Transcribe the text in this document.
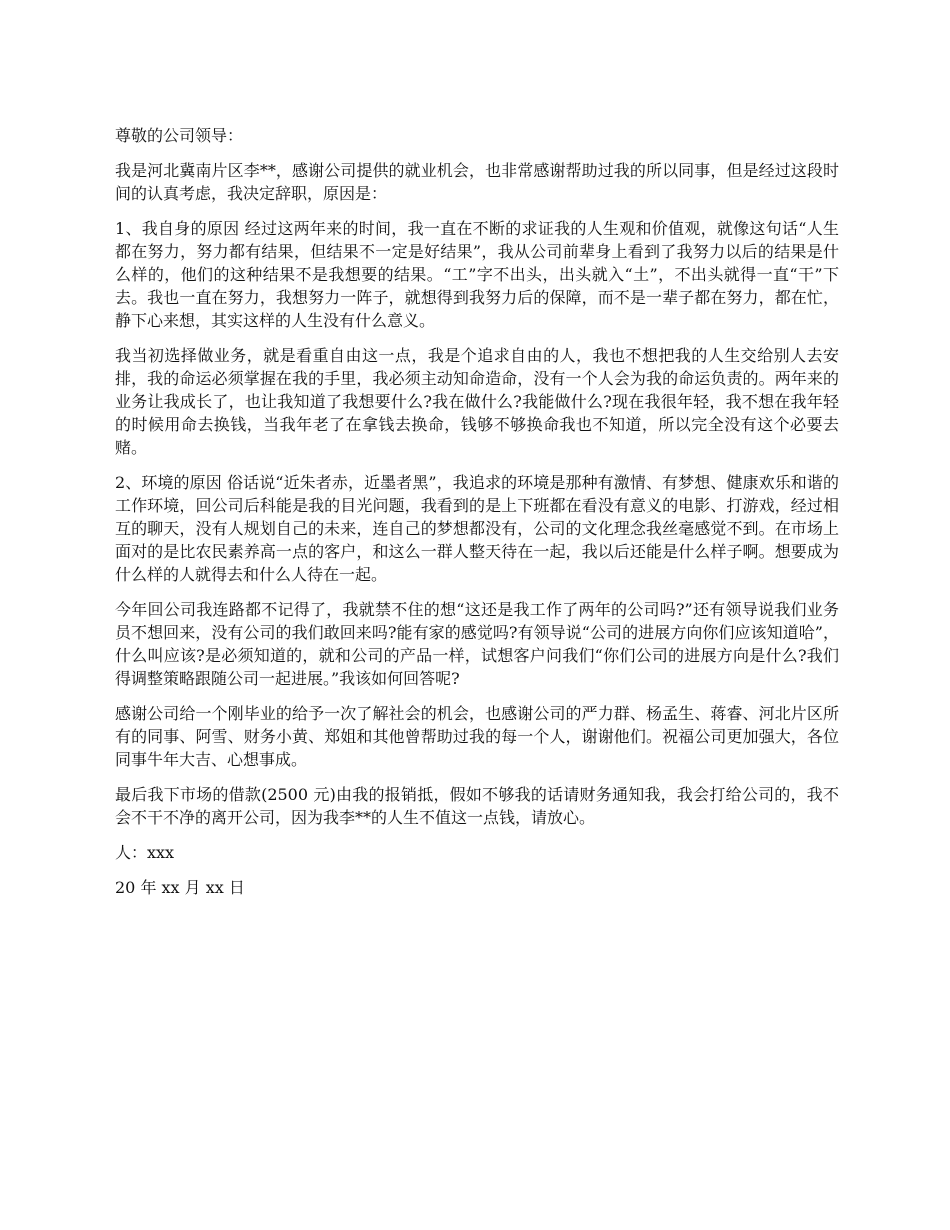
尊敬的公司领导：

我是河北冀南片区李**，感谢公司提供的就业机会，也非常感谢帮助过我的所以同事，但是经过这段时间的认真考虑，我决定辞职，原因是：

1、我自身的原因 经过这两年来的时间，我一直在不断的求证我的人生观和价值观，就像这句话“人生都在努力，努力都有结果，但结果不一定是好结果”，我从公司前辈身上看到了我努力以后的结果是什么样的，他们的这种结果不是我想要的结果。“工”字不出头，出头就入“土”，不出头就得一直“干”下去。我也一直在努力，我想努力一阵子，就想得到我努力后的保障，而不是一辈子都在努力，都在忙，静下心来想，其实这样的人生没有什么意义。

我当初选择做业务，就是看重自由这一点，我是个追求自由的人，我也不想把我的人生交给别人去安排，我的命运必须掌握在我的手里，我必须主动知命造命，没有一个人会为我的命运负责的。两年来的业务让我成长了，也让我知道了我想要什么?我在做什么?我能做什么?现在我很年轻，我不想在我年轻的时候用命去换钱，当我年老了在拿钱去换命，钱够不够换命我也不知道，所以完全没有这个必要去赌。

2、环境的原因 俗话说“近朱者赤，近墨者黑”，我追求的环境是那种有激情、有梦想、健康欢乐和谐的工作环境，回公司后科能是我的目光问题，我看到的是上下班都在看没有意义的电影、打游戏，经过相互的聊天，没有人规划自己的未来，连自己的梦想都没有，公司的文化理念我丝毫感觉不到。在市场上面对的是比农民素养高一点的客户，和这么一群人整天待在一起，我以后还能是什么样子啊。想要成为什么样的人就得去和什么人待在一起。

今年回公司我连路都不记得了，我就禁不住的想“这还是我工作了两年的公司吗?”还有领导说我们业务员不想回来，没有公司的我们敢回来吗?能有家的感觉吗?有领导说“公司的进展方向你们应该知道哈”，什么叫应该?是必须知道的，就和公司的产品一样，试想客户问我们“你们公司的进展方向是什么?我们得调整策略跟随公司一起进展。”我该如何回答呢?

感谢公司给一个刚毕业的给予一次了解社会的机会，也感谢公司的严力群、杨孟生、蒋睿、河北片区所有的同事、阿雪、财务小黄、郑姐和其他曾帮助过我的每一个人，谢谢他们。祝福公司更加强大，各位同事牛年大吉、心想事成。

最后我下市场的借款(2500 元)由我的报销抵，假如不够我的话请财务通知我，我会打给公司的，我不会不干不净的离开公司，因为我李**的人生不值这一点钱，请放心。

人：xxx

20 年 xx 月 xx 日
